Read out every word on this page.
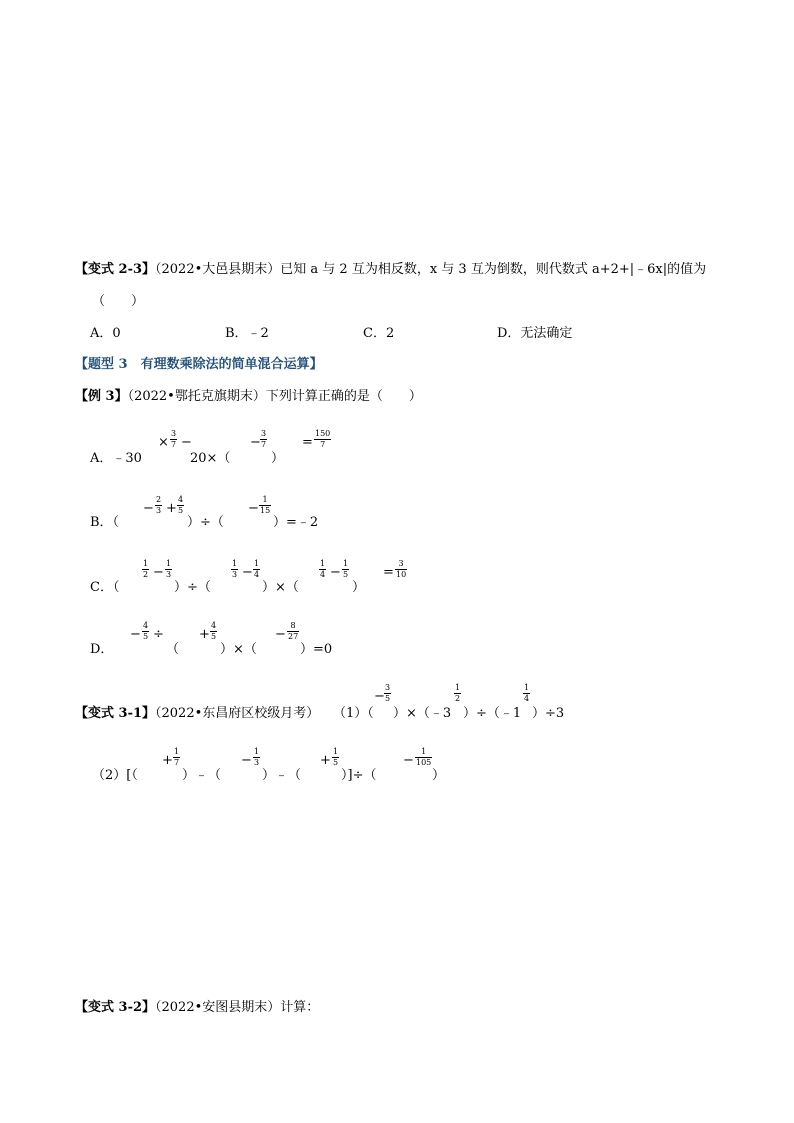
【变式 2-3】（2022•大邑县期末）已知 a 与 2 互为相反数，x 与 3 互为倒数，则代数式 a+2+|﹣6x|的值为
（　　）
A．0	B．﹣2	C．2	D．无法确定
【题型 3　有理数乘除法的简单混合运算】
【例 3】（2022•鄂托克旗期末）下列计算正确的是（　　）
A．﹣30
×
3
7 −
20×（
−
3
7
）
=
150
7
B．（
−
2
3 +
4
5
）÷（
−
1
15
）=﹣2
C．（
1
2 −
1
3
）÷（
1
3 −
1
4
）×（
1
4 −
1
5
）
=
3
10
D．
−
4
5 ÷
（
+
4
5
）×（
−
8
27
）=0
【变式 3-1】（2022•东昌府区校级月考） （1）（
−
3
5
）×（﹣3
1
2
）÷（﹣1
1
4
）÷3
（2）[（
+
1
7
）﹣（
−
1
3
）﹣（
+
1
5
）]÷（
−
1
105
）
【变式 3-2】（2022•安图县期末）计算：
